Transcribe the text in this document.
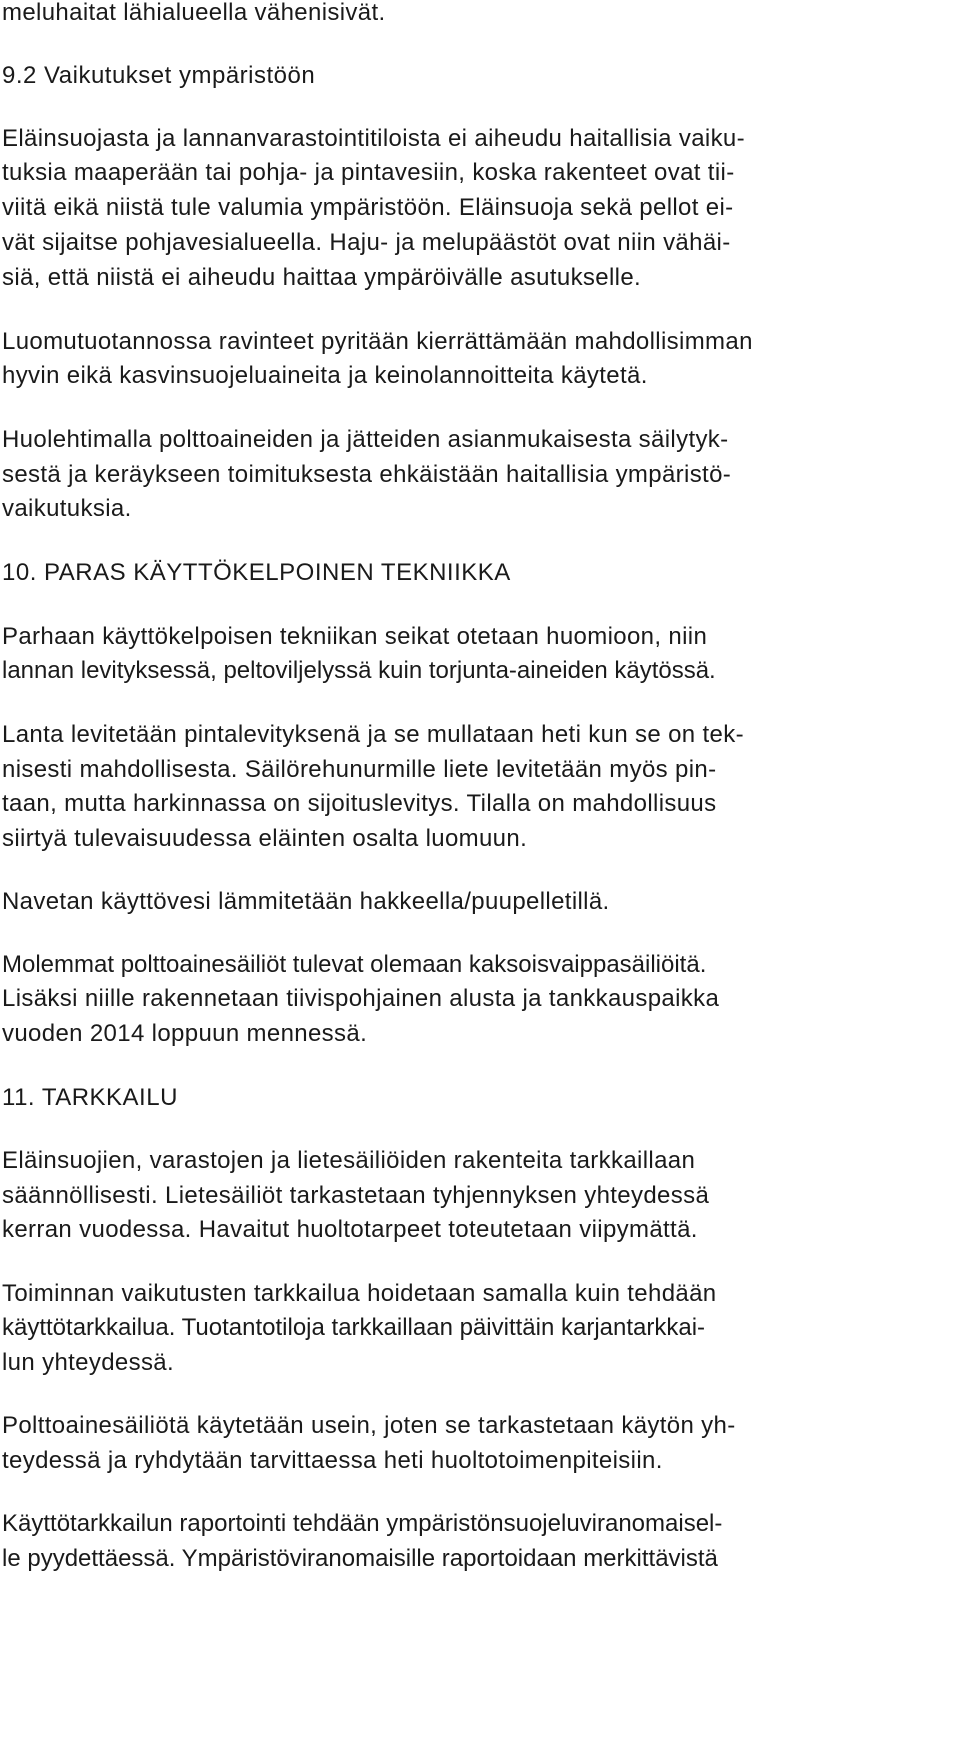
meluhaitat lähialueella vähenisivät.
9.2 Vaikutukset ympäristöön
Eläinsuojasta ja lannanvarastointitiloista ei aiheudu haitallisia vaiku-
tuksia maaperään tai pohja- ja pintavesiin, koska rakenteet ovat tii-
viitä eikä niistä tule valumia ympäristöön. Eläinsuoja sekä pellot ei-
vät sijaitse pohjavesialueella. Haju- ja melupäästöt ovat niin vähäi-
siä, että niistä ei aiheudu haittaa ympäröivälle asutukselle.
Luomutuotannossa ravinteet pyritään kierrättämään mahdollisimman
hyvin eikä kasvinsuojeluaineita ja keinolannoitteita käytetä.
Huolehtimalla polttoaineiden ja jätteiden asianmukaisesta säilytyk-
sestä ja keräykseen toimituksesta ehkäistään haitallisia ympäristö-
vaikutuksia.
10. PARAS KÄYTTÖKELPOINEN TEKNIIKKA
Parhaan käyttökelpoisen tekniikan seikat otetaan huomioon, niin
lannan levityksessä, peltoviljelyssä kuin torjunta-aineiden käytössä.
Lanta levitetään pintalevityksenä ja se mullataan heti kun se on tek-
nisesti mahdollisesta. Säilörehunurmille liete levitetään myös pin-
taan, mutta harkinnassa on sijoituslevitys. Tilalla on mahdollisuus
siirtyä tulevaisuudessa eläinten osalta luomuun.
Navetan käyttövesi lämmitetään hakkeella/puupelletillä.
Molemmat polttoainesäiliöt tulevat olemaan kaksoisvaippasäiliöitä.
Lisäksi niille rakennetaan tiivispohjainen alusta ja tankkauspaikka
vuoden 2014 loppuun mennessä.
11. TARKKAILU
Eläinsuojien, varastojen ja lietesäiliöiden rakenteita tarkkaillaan
säännöllisesti. Lietesäiliöt tarkastetaan tyhjennyksen yhteydessä
kerran vuodessa. Havaitut huoltotarpeet toteutetaan viipymättä.
Toiminnan vaikutusten tarkkailua hoidetaan samalla kuin tehdään
käyttötarkkailua. Tuotantotiloja tarkkaillaan päivittäin karjantarkkai-
lun yhteydessä.
Polttoainesäiliötä käytetään usein, joten se tarkastetaan käytön yh-
teydessä ja ryhdytään tarvittaessa heti huoltotoimenpiteisiin.
Käyttötarkkailun raportointi tehdään ympäristönsuojeluviranomaisel-
le pyydettäessä. Ympäristöviranomaisille raportoidaan merkittävistä
